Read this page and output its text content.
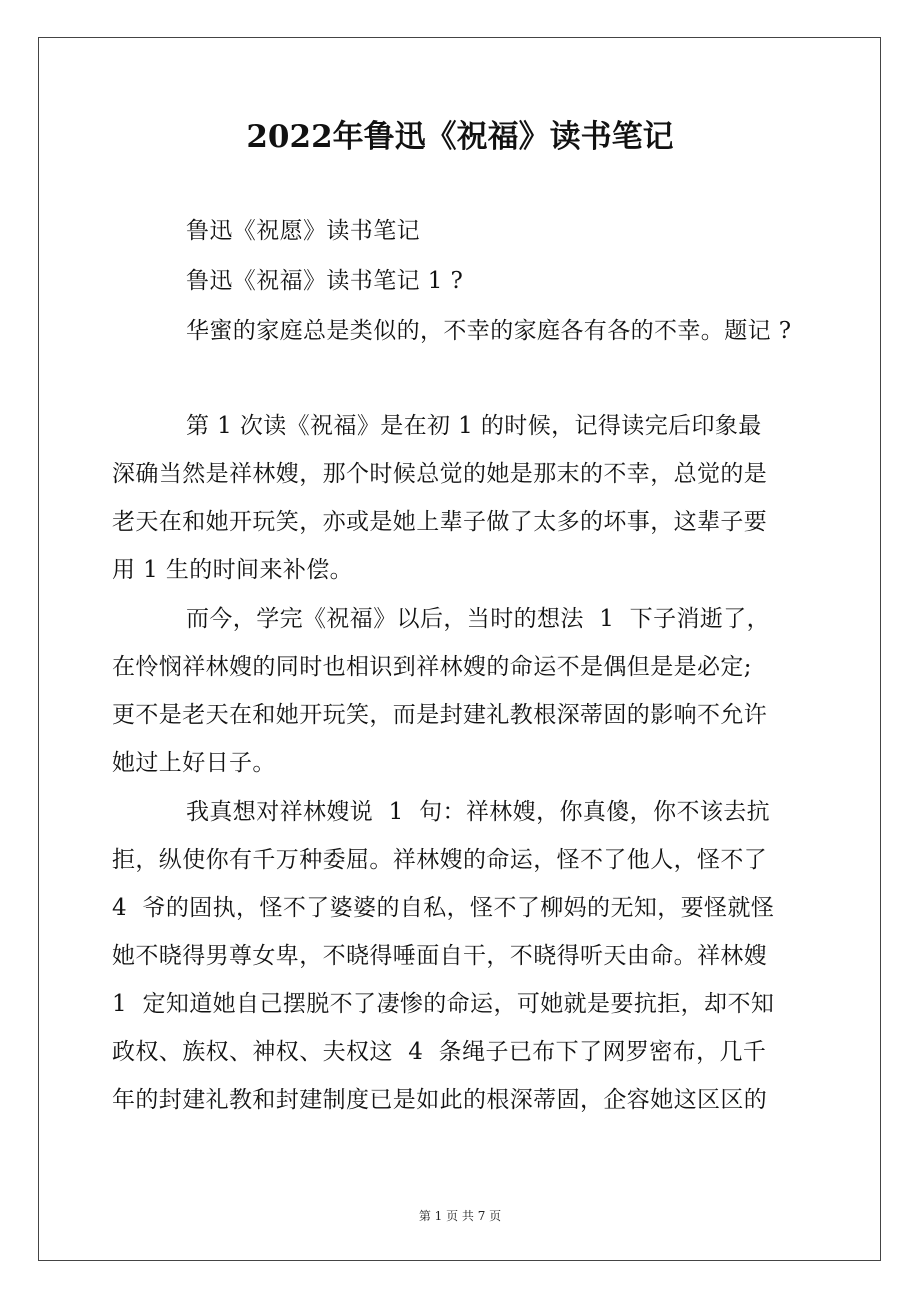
2022年鲁迅《祝福》读书笔记
鲁迅《祝愿》读书笔记
鲁迅《祝福》读书笔记 1 ?
华蜜的家庭总是类似的，不幸的家庭各有各的不幸。题记 ?
第 1 次读《祝福》是在初 1 的时候，记得读完后印象最
深确当然是祥林嫂，那个时候总觉的她是那末的不幸，总觉的是
老天在和她开玩笑，亦或是她上辈子做了太多的坏事，这辈子要
用 1 生的时间来补偿。
而今，学完《祝福》以后，当时的想法  1  下子消逝了，
在怜悯祥林嫂的同时也相识到祥林嫂的命运不是偶但是是必定;
更不是老天在和她开玩笑，而是封建礼教根深蒂固的影响不允许
她过上好日子。
我真想对祥林嫂说  1  句：祥林嫂，你真傻，你不该去抗
拒，纵使你有千万种委屈。祥林嫂的命运，怪不了他人，怪不了
4  爷的固执，怪不了婆婆的自私，怪不了柳妈的无知，要怪就怪
她不晓得男尊女卑，不晓得唾面自干，不晓得听天由命。祥林嫂
1  定知道她自己摆脱不了凄惨的命运，可她就是要抗拒，却不知
政权、族权、神权、夫权这  4  条绳子已布下了网罗密布，几千
年的封建礼教和封建制度已是如此的根深蒂固，企容她这区区的
第 1 页 共 7 页
